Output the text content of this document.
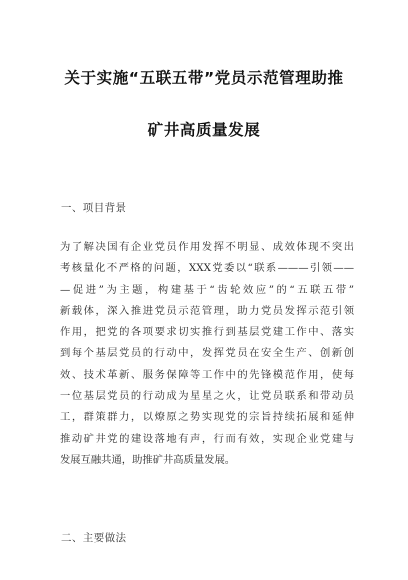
关于实施“五联五带”党员示范管理助推
矿井高质量发展
一、项目背景
为了解决国有企业党员作用发挥不明显、成效体现不突出
考核量化不严格的问题，XXX党委以“联系———引领——
—促进”为主题，构建基于“齿轮效应”的“五联五带”
新载体，深入推进党员示范管理，助力党员发挥示范引领
作用，把党的各项要求切实推行到基层党建工作中、落实
到每个基层党员的行动中，发挥党员在安全生产、创新创
效、技术革新、服务保障等工作中的先锋模范作用，使每
一位基层党员的行动成为星星之火，让党员联系和带动员
工，群策群力，以燎原之势实现党的宗旨持续拓展和延伸
推动矿井党的建设落地有声，行而有效，实现企业党建与
发展互融共通，助推矿井高质量发展。
二、主要做法
